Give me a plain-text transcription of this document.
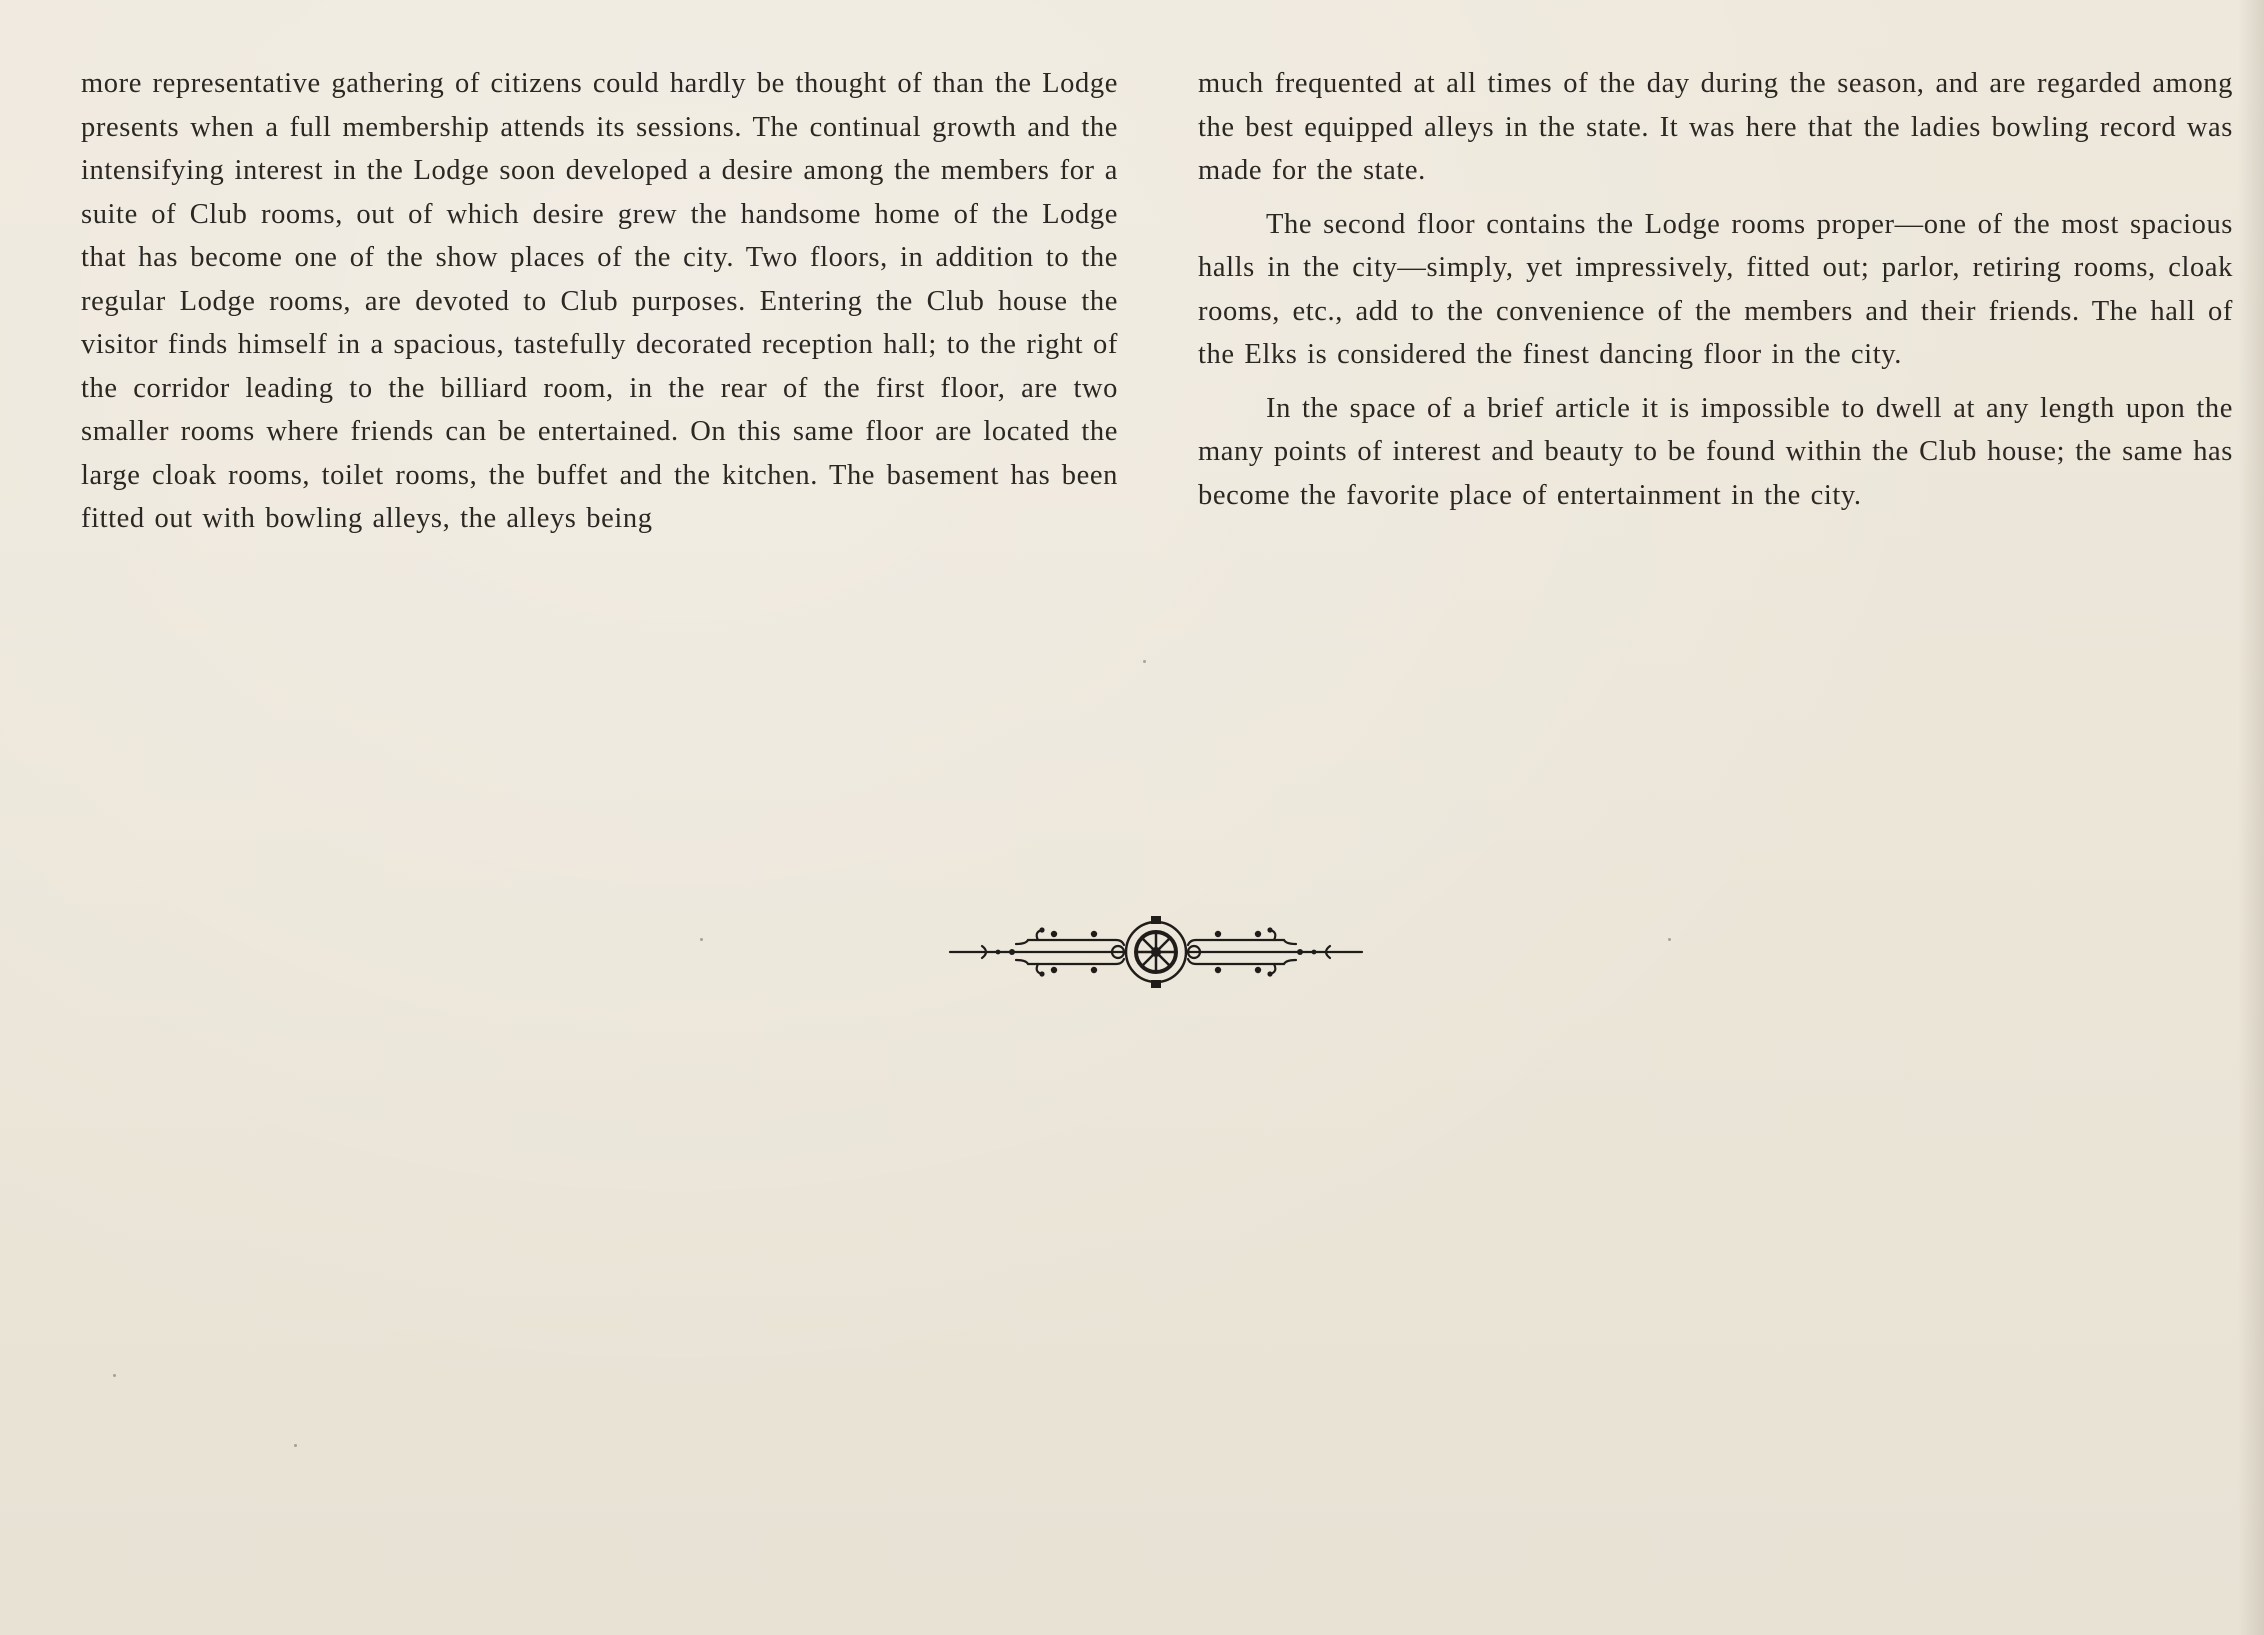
more representative gathering of citizens could hardly be thought of than the Lodge presents when a full membership attends its sessions. The continual growth and the intensifying interest in the Lodge soon developed a desire among the members for a suite of Club rooms, out of which desire grew the handsome home of the Lodge that has become one of the show places of the city. Two floors, in addition to the regular Lodge rooms, are devoted to Club purposes. Entering the Club house the visitor finds himself in a spacious, tastefully decorated reception hall; to the right of the corridor leading to the billiard room, in the rear of the first floor, are two smaller rooms where friends can be entertained. On this same floor are located the large cloak rooms, toilet rooms, the buffet and the kitchen. The basement has been fitted out with bowling alleys, the alleys being

much frequented at all times of the day during the season, and are regarded among the best equipped alleys in the state. It was here that the ladies bowling record was made for the state.

The second floor contains the Lodge rooms proper—one of the most spacious halls in the city—simply, yet impressively, fitted out; parlor, retiring rooms, cloak rooms, etc., add to the convenience of the members and their friends. The hall of the Elks is considered the finest dancing floor in the city.

In the space of a brief article it is impossible to dwell at any length upon the many points of interest and beauty to be found within the Club house; the same has become the favorite place of entertainment in the city.
